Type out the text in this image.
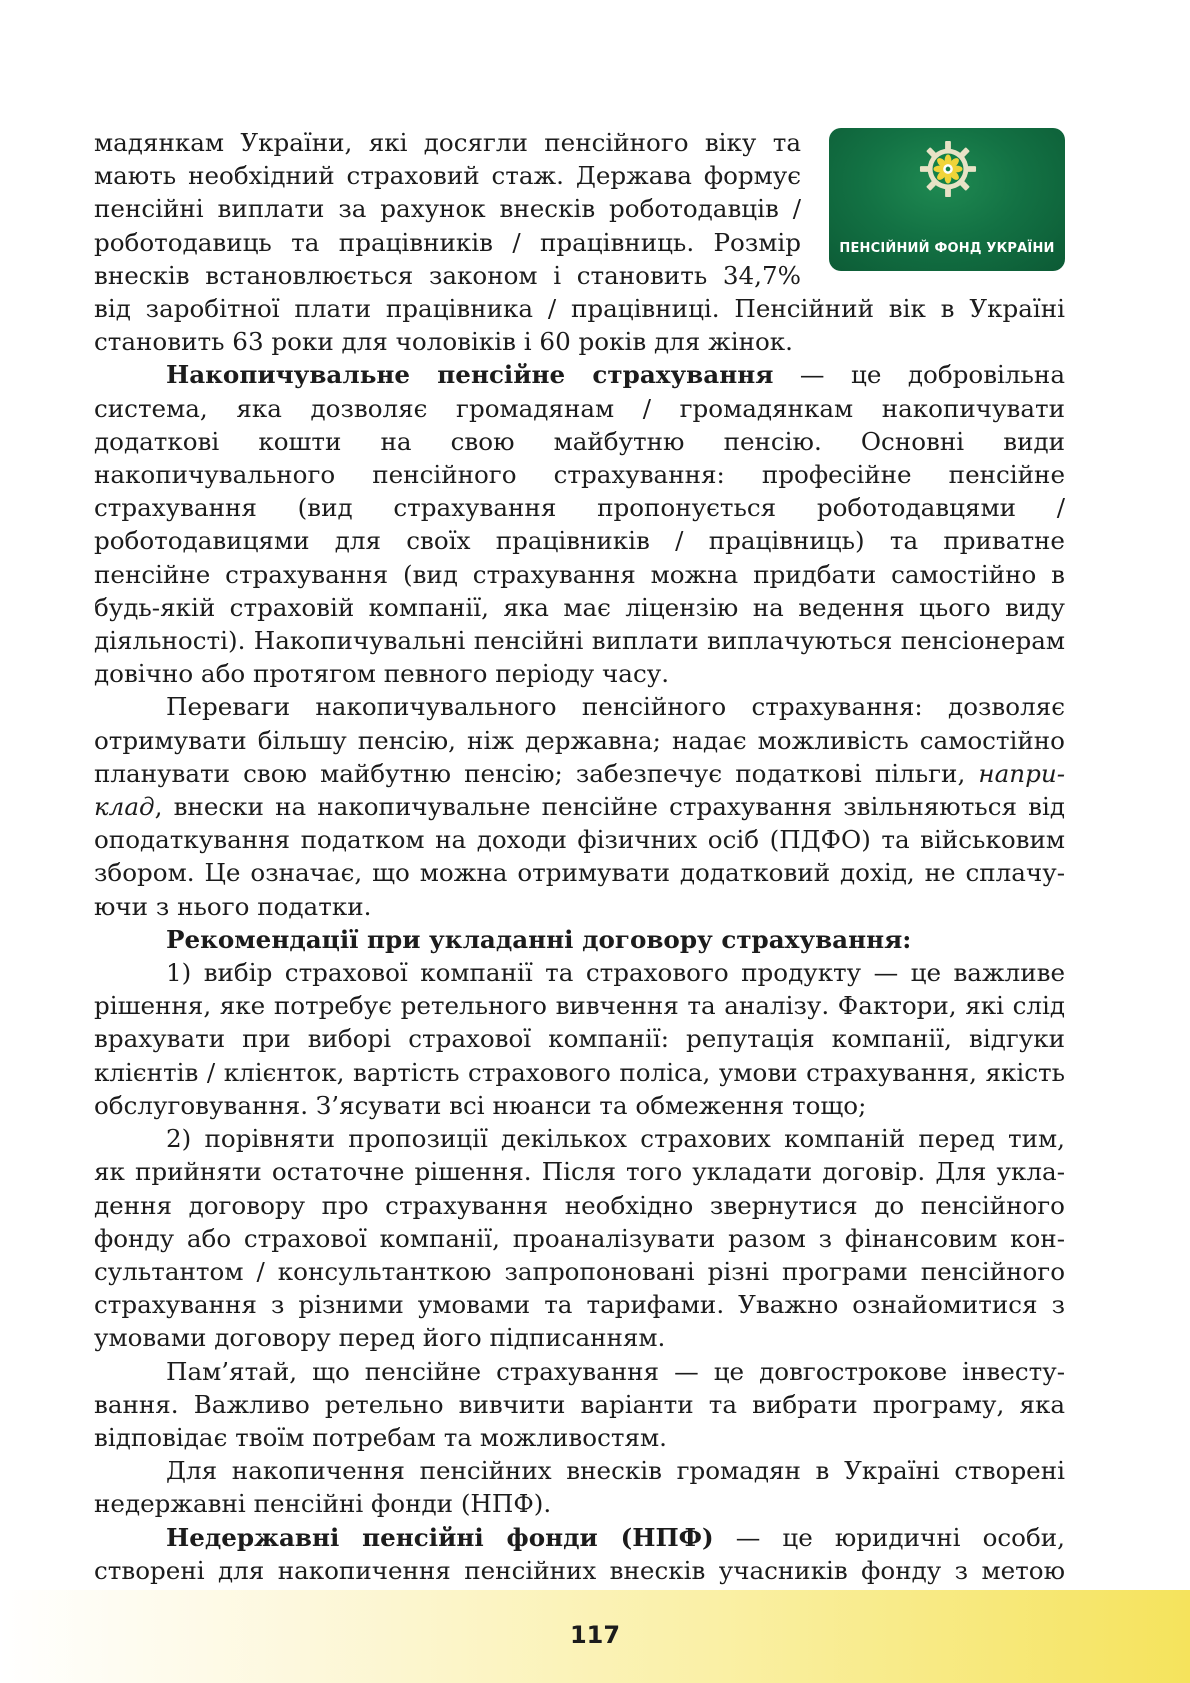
ПЕНСІЙНИЙ ФОНД УКРАЇНИ

мадянкам України, які досягли пенсійного віку та мають необхідний страховий стаж. Держава формує пенсійні виплати за рахунок внесків роботодавців / роботодавиць та працівників / працівниць. Розмір внесків встановлюється законом і становить 34,7% від заробітної плати працівника / працівниці. Пенсійний вік в Україні становить 63 роки для чоловіків і 60 років для жінок.

Накопичувальне пенсійне страхування — це добровільна система, яка дозволяє громадянам / громадянкам накопичувати додаткові кошти на свою майбутню пенсію. Основні види накопичувального пенсійного страхування: професійне пенсійне страхування (вид страхування пропонується роботодавцями / роботодавицями для своїх працівників / працівниць) та приватне пенсійне страхування (вид страхування можна придбати самостійно в будь-якій страховій компанії, яка має ліцензію на ведення цього виду діяльності). Накопичувальні пенсійні виплати виплачуються пенсіонерам довічно або протягом певного періоду часу.

Переваги накопичувального пенсійного страхування: дозволяє отримувати більшу пенсію, ніж державна; надає можливість самостійно планувати свою майбутню пенсію; забезпечує податкові пільги, наприклад, внески на накопичувальне пенсійне страхування звільняються від оподаткування податком на доходи фізичних осіб (ПДФО) та військовим збором. Це означає, що можна отримувати додатковий дохід, не сплачуючи з нього податки.

Рекомендації при укладанні договору страхування:

1) вибір страхової компанії та страхового продукту — це важливе рішення, яке потребує ретельного вивчення та аналізу. Фактори, які слід врахувати при виборі страхової компанії: репутація компанії, відгуки клієнтів / клієнток, вартість страхового поліса, умови страхування, якість обслуговування. З’ясувати всі нюанси та обмеження тощо;

2) порівняти пропозиції декількох страхових компаній перед тим, як прийняти остаточне рішення. Після того укладати договір. Для укладення договору про страхування необхідно звернутися до пенсійного фонду або страхової компанії, проаналізувати разом з фінансовим консультантом / консультанткою запропоновані різні програми пенсійного страхування з різними умовами та тарифами. Уважно ознайомитися з умовами договору перед його підписанням.

Пам’ятай, що пенсійне страхування — це довгострокове інвестування. Важливо ретельно вивчити варіанти та вибрати програму, яка відповідає твоїм потребам та можливостям.

Для накопичення пенсійних внесків громадян в Україні створені недержавні пенсійні фонди (НПФ).

Недержавні пенсійні фонди (НПФ) — це юридичні особи, створені для накопичення пенсійних внесків учасників фонду з метою

117
